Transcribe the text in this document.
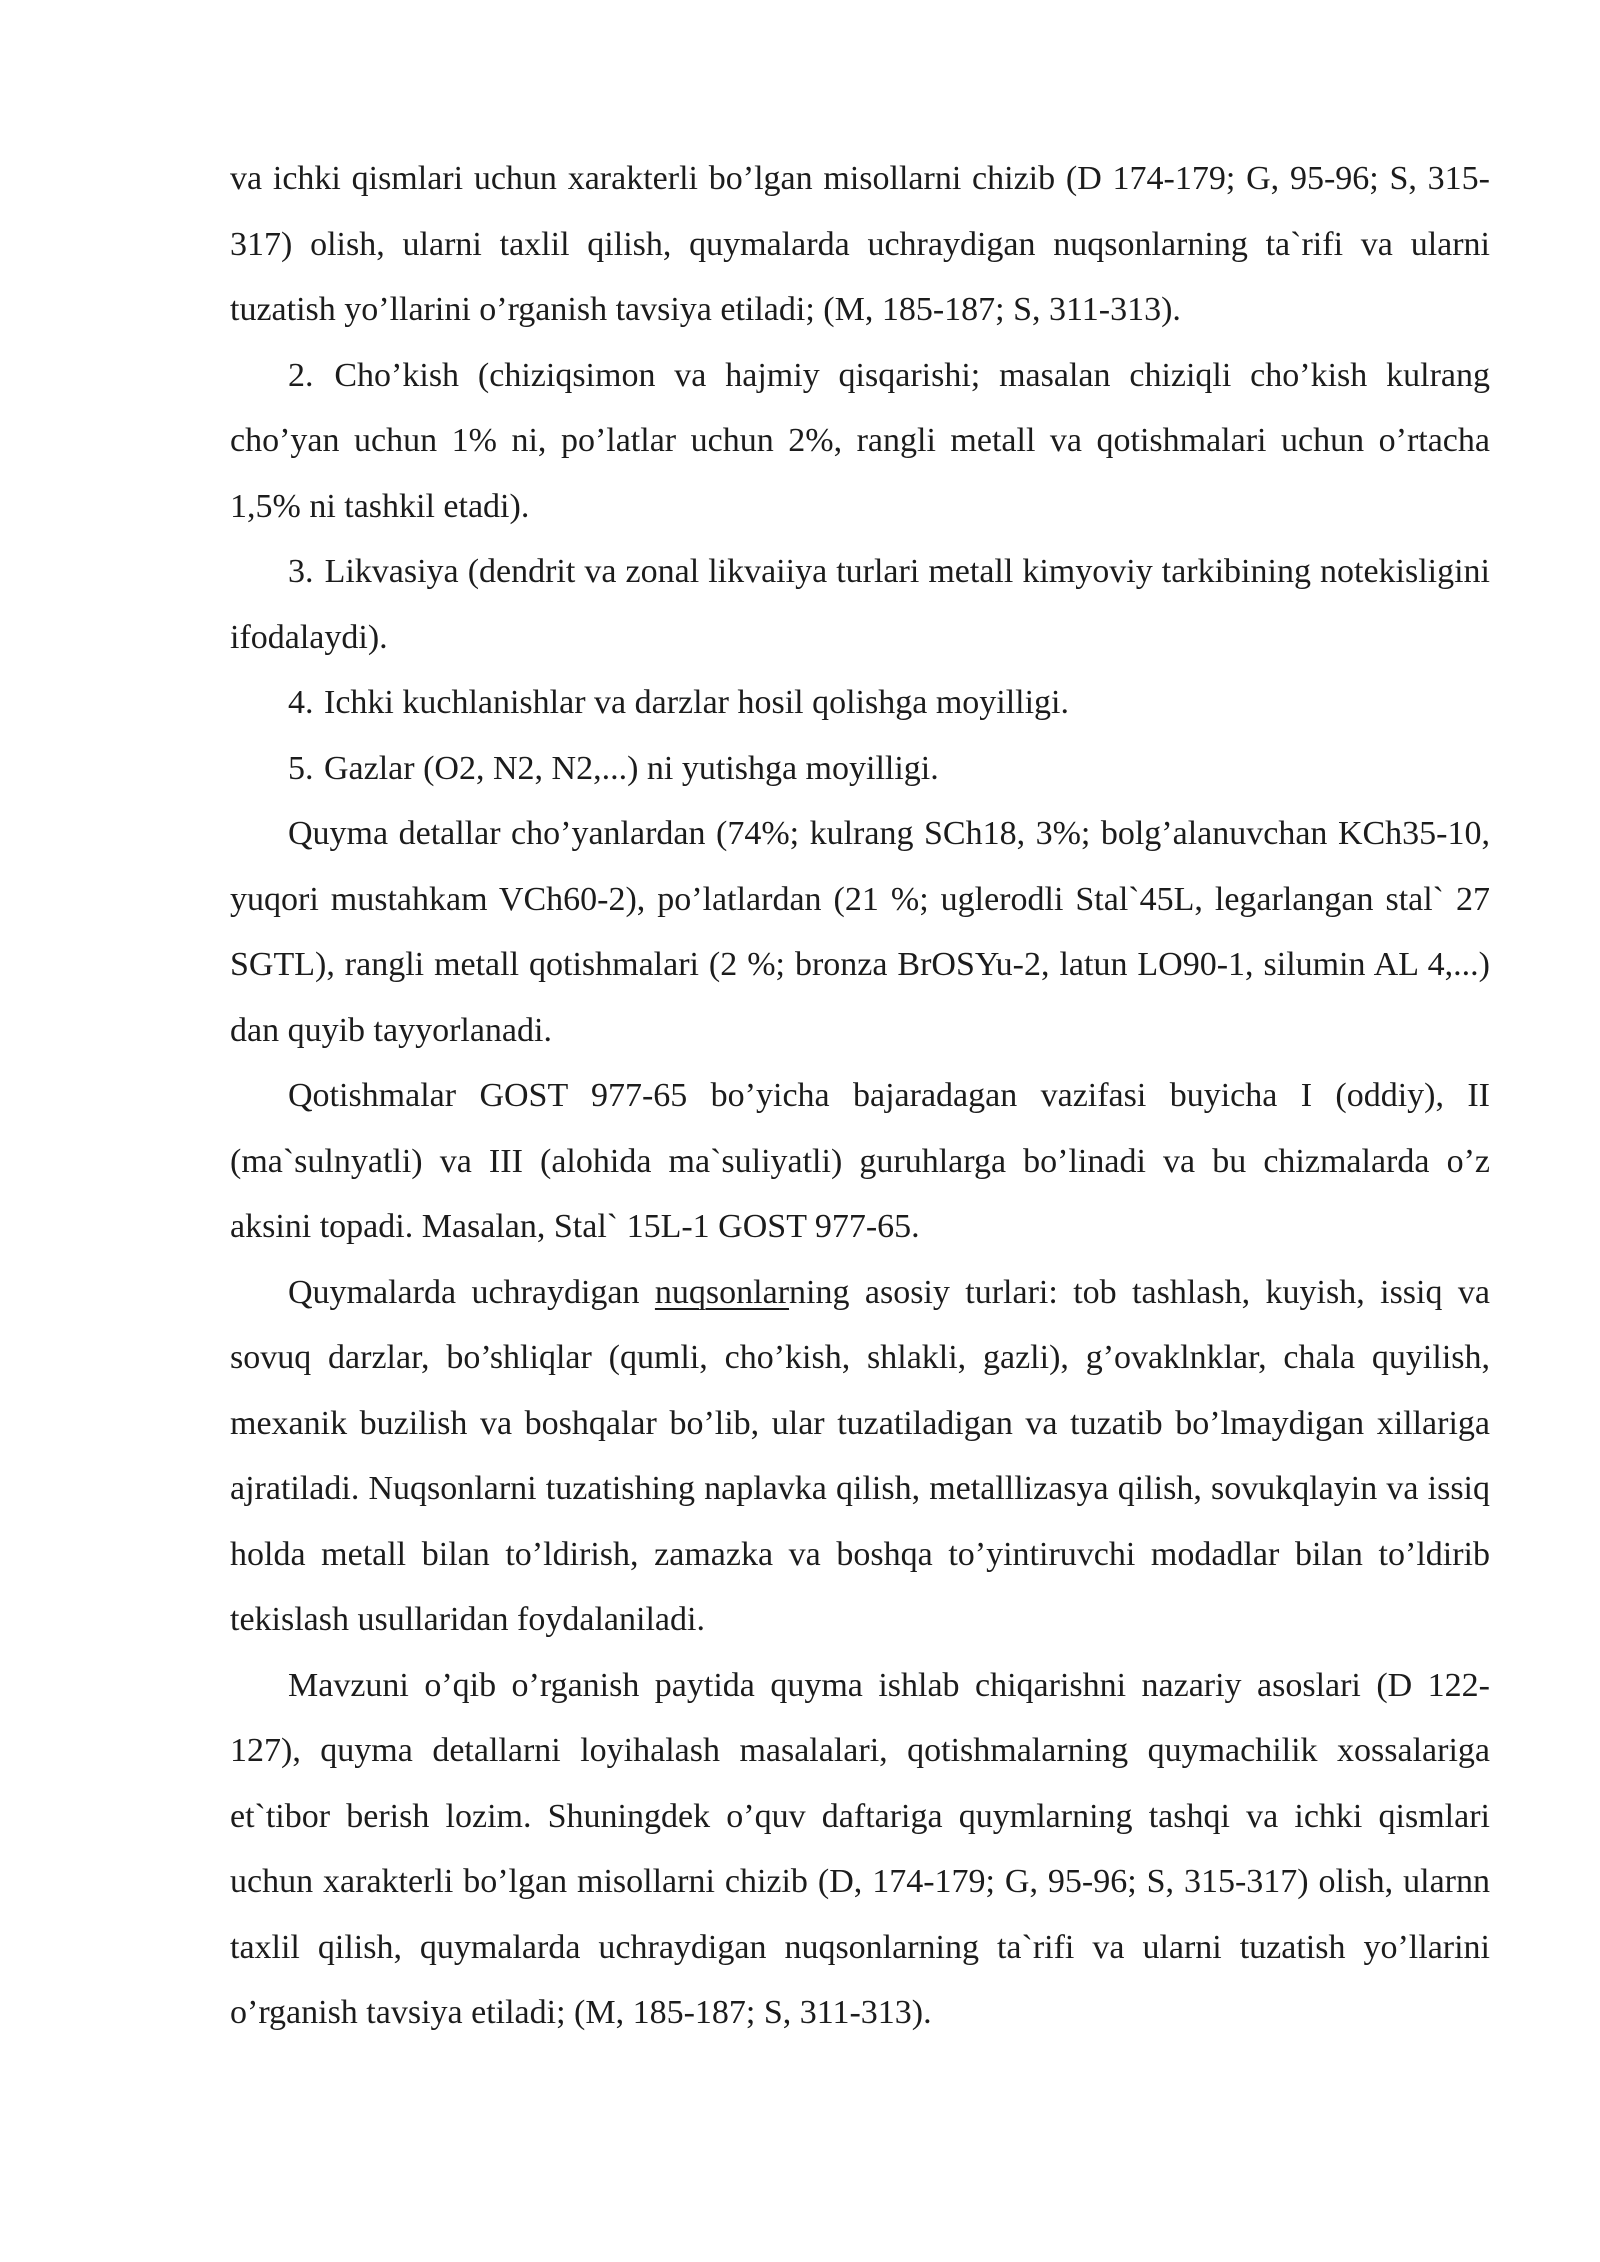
va ichki qismlari uchun xarakterli bo’lgan misollarni chizib (D 174-179; G, 95-96; S, 315-317) olish, ularni taxlil qilish, quymalarda uchraydigan nuqsonlarning ta`rifi va ularni tuzatish yo’llarini o’rganish tavsiya etiladi; (M, 185-187; S, 311-313).

2. Cho’kish (chiziqsimon va hajmiy qisqarishi; masalan chiziqli cho’kish kulrang cho’yan uchun 1% ni, po’latlar uchun 2%, rangli metall va qotishmalari uchun o’rtacha 1,5% ni tashkil etadi).

3. Likvasiya (dendrit va zonal likvaiiya turlari metall kimyoviy tarkibining notekisligini ifodalaydi).

4. Ichki kuchlanishlar va darzlar hosil qolishga moyilligi.

5. Gazlar (O2, N2, N2,...) ni yutishga moyilligi.

Quyma detallar cho’yanlardan (74%; kulrang SCh18, 3%; bolg’alanuvchan KCh35-10, yuqori mustahkam VCh60-2), po’latlardan (21 %; uglerodli Stal`45L, legarlangan stal` 27 SGTL), rangli metall qotishmalari (2 %; bronza BrOSYu-2, latun LO90-1, silumin AL 4,...) dan quyib tayyorlanadi.

Qotishmalar GOST 977-65 bo’yicha bajaradagan vazifasi buyicha I (oddiy), II (ma`sulnyatli) va III (alohida ma`suliyatli) guruhlarga bo’linadi va bu chizmalarda o’z aksini topadi. Masalan, Stal` 15L-1 GOST 977-65.

Quymalarda uchraydigan nuqsonlarning asosiy turlari: tob tashlash, kuyish, issiq va sovuq darzlar, bo’shliqlar (qumli, cho’kish, shlakli, gazli), g’ovaklnklar, chala quyilish, mexanik buzilish va boshqalar bo’lib, ular tuzatiladigan va tuzatib bo’lmaydigan xillariga ajratiladi. Nuqsonlarni tuzatishing naplavka qilish, metalllizasya qilish, sovukqlayin va issiq holda metall bilan to’ldirish, zamazka va boshqa to’yintiruvchi modadlar bilan to’ldirib tekislash usullaridan foydalaniladi.

Mavzuni o’qib o’rganish paytida quyma ishlab chiqarishni nazariy asoslari (D 122-127), quyma detallarni loyihalash masalalari, qotishmalarning quymachilik xossalariga et`tibor berish lozim. Shuningdek o’quv daftariga quymlarning tashqi va ichki qismlari uchun xarakterli bo’lgan misollarni chizib (D, 174-179; G, 95-96; S, 315-317) olish, ularnn taxlil qilish, quymalarda uchraydigan nuqsonlarning ta`rifi va ularni tuzatish yo’llarini o’rganish tavsiya etiladi; (M, 185-187; S, 311-313).
